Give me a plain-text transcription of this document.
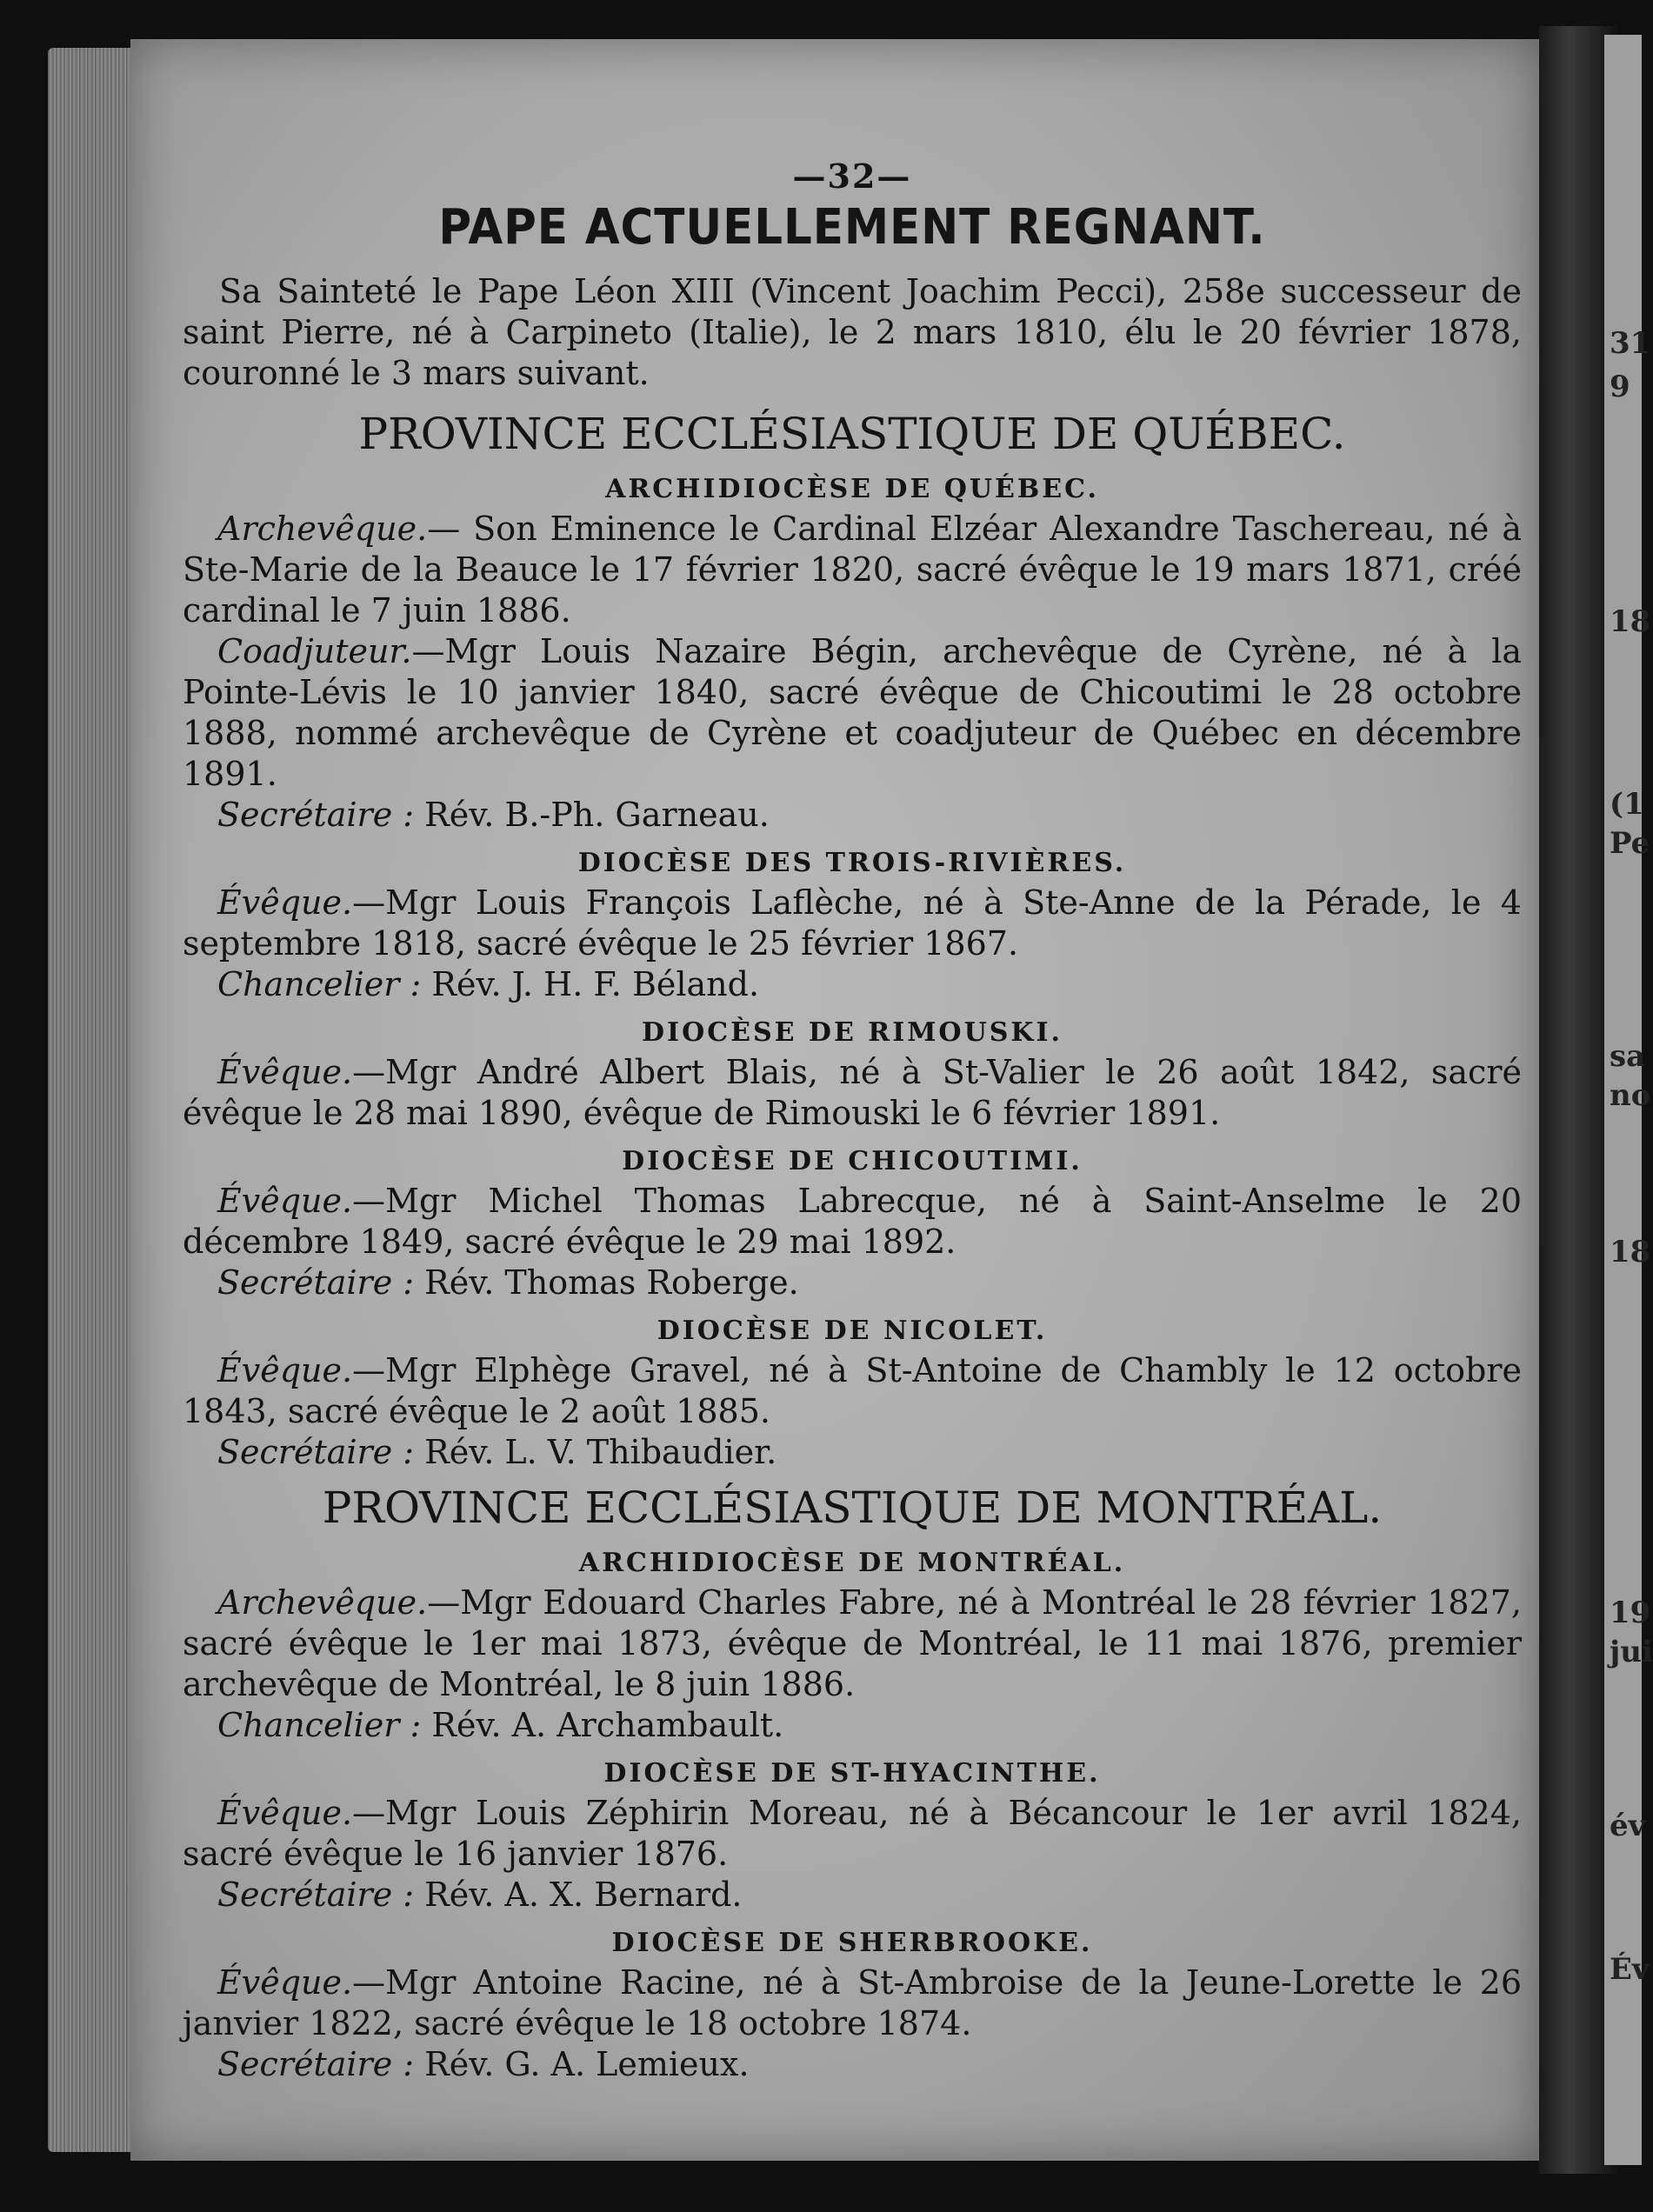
31
9
18
(1
Pe
sa
no
18
19
jui
év
Év
—32—
PAPE ACTUELLEMENT REGNANT.

Sa Sainteté le Pape Léon XIII (Vincent Joachim Pecci), 258e successeur de saint Pierre, né à Carpineto (Italie), le 2 mars 1810, élu le 20 février 1878, couronné le 3 mars suivant.

PROVINCE ECCLÉSIASTIQUE DE QUÉBEC.
ARCHIDIOCÈSE DE QUÉBEC.

Archevêque.— Son Eminence le Cardinal Elzéar Alexandre Taschereau, né à Ste-Marie de la Beauce le 17 février 1820, sacré évêque le 19 mars 1871, créé cardinal le 7 juin 1886.

Coadjuteur.—Mgr Louis Nazaire Bégin, archevêque de Cyrène, né à la Pointe-Lévis le 10 janvier 1840, sacré évêque de Chicoutimi le 28 octobre 1888, nommé archevêque de Cyrène et coadjuteur de Québec en décembre 1891.

Secrétaire : Rév. B.-Ph. Garneau.

DIOCÈSE DES TROIS-RIVIÈRES.

Évêque.—Mgr Louis François Laflèche, né à Ste-Anne de la Pérade, le 4 septembre 1818, sacré évêque le 25 février 1867.

Chancelier : Rév. J. H. F. Béland.

DIOCÈSE DE RIMOUSKI.

Évêque.—Mgr André Albert Blais, né à St-Valier le 26 août 1842, sacré évêque le 28 mai 1890, évêque de Rimouski le 6 février 1891.

DIOCÈSE DE CHICOUTIMI.

Évêque.—Mgr Michel Thomas Labrecque, né à Saint-Anselme le 20 décembre 1849, sacré évêque le 29 mai 1892.

Secrétaire : Rév. Thomas Roberge.

DIOCÈSE DE NICOLET.

Évêque.—Mgr Elphège Gravel, né à St-Antoine de Chambly le 12 octobre 1843, sacré évêque le 2 août 1885.

Secrétaire : Rév. L. V. Thibaudier.

PROVINCE ECCLÉSIASTIQUE DE MONTRÉAL.
ARCHIDIOCÈSE DE MONTRÉAL.

Archevêque.—Mgr Edouard Charles Fabre, né à Montréal le 28 février 1827, sacré évêque le 1er mai 1873, évêque de Montréal, le 11 mai 1876, premier archevêque de Montréal, le 8 juin 1886.

Chancelier : Rév. A. Archambault.

DIOCÈSE DE ST-HYACINTHE.

Évêque.—Mgr Louis Zéphirin Moreau, né à Bécancour le 1er avril 1824, sacré évêque le 16 janvier 1876.

Secrétaire : Rév. A. X. Bernard.

DIOCÈSE DE SHERBROOKE.

Évêque.—Mgr Antoine Racine, né à St-Ambroise de la Jeune-Lorette le 26 janvier 1822, sacré évêque le 18 octobre 1874.

Secrétaire : Rév. G. A. Lemieux.
